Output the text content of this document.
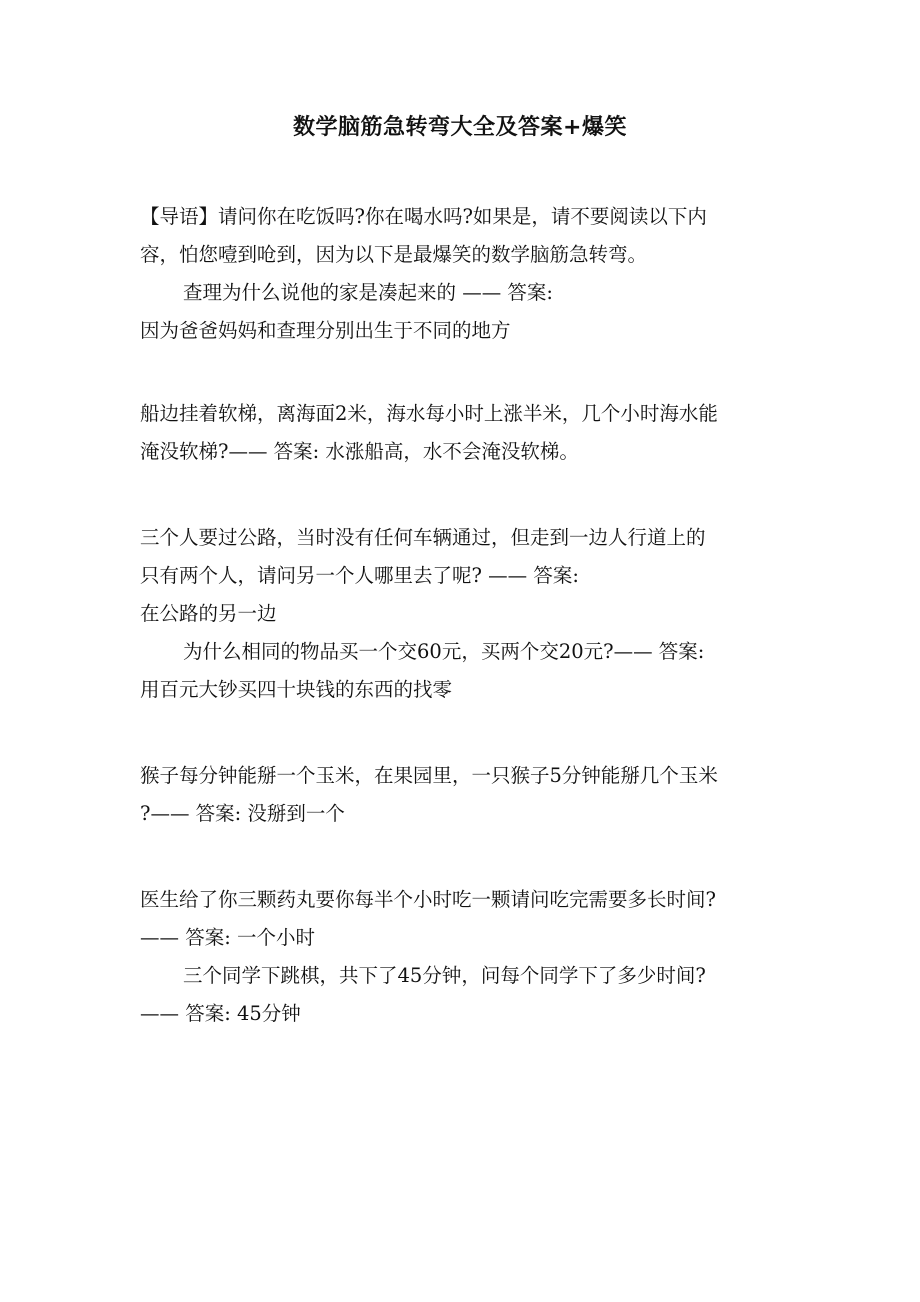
数学脑筋急转弯大全及答案+爆笑
【导语】请问你在吃饭吗?你在喝水吗?如果是，请不要阅读以下内
容，怕您噎到呛到，因为以下是最爆笑的数学脑筋急转弯。
查理为什么说他的家是凑起来的 —— 答案:
因为爸爸妈妈和查理分别出生于不同的地方
船边挂着软梯，离海面2米，海水每小时上涨半米，几个小时海水能
淹没软梯?—— 答案: 水涨船高，水不会淹没软梯。
三个人要过公路，当时没有任何车辆通过，但走到一边人行道上的
只有两个人，请问另一个人哪里去了呢? —— 答案:
在公路的另一边
为什么相同的物品买一个交60元，买两个交20元?—— 答案:
用百元大钞买四十块钱的东西的找零
猴子每分钟能掰一个玉米，在果园里，一只猴子5分钟能掰几个玉米
?—— 答案: 没掰到一个
医生给了你三颗药丸要你每半个小时吃一颗请问吃完需要多长时间?
—— 答案: 一个小时
三个同学下跳棋，共下了45分钟，问每个同学下了多少时间?
—— 答案: 45分钟
